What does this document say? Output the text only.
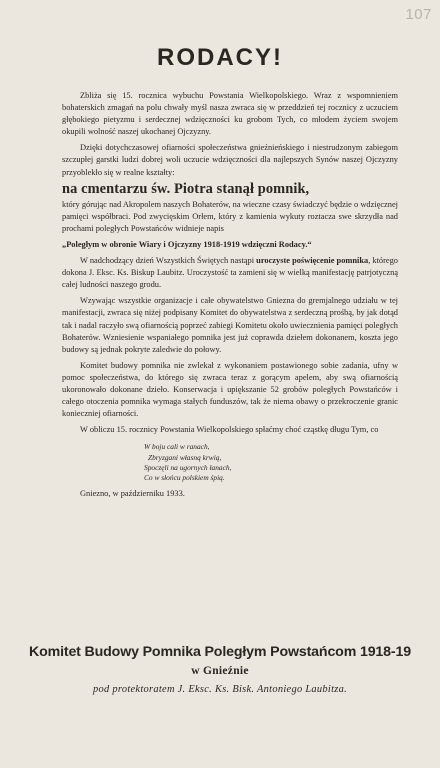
107
RODACY!

Zbliża się 15. rocznica wybuchu Powstania Wielkopolskiego. Wraz z wspomnieniem bohaterskich zmagań na polu chwały myśl nasza zwraca się w przeddzień tej rocznicy z uczuciem głębokiego pietyzmu i serdecznej wdzięczności ku grobom Tych, co młodem życiem swojem okupili wolność naszej ukochanej Ojczyzny.

Dzięki dotychczasowej ofiarności społeczeństwa gnieźnieńskiego i niestrudzonym zabiegom szczupłej garstki ludzi dobrej woli uczucie wdzięczności dla najlepszych Synów naszej Ojczyzny przyoblekło się w realne kształty:

na cmentarzu św. Piotra stanął pomnik,

który górując nad Akropolem naszych Bohaterów, na wieczne czasy świadczyć będzie o wdzięcznej pamięci współbraci. Pod zwycięskim Orłem, który z kamienia wykuty roztacza swe skrzydła nad prochami poległych Powstańców widnieje napis

„Poległym w obronie Wiary i Ojczyzny 1918-1919 wdzięczni Rodacy.“

W nadchodzący dzień Wszystkich Świętych nastąpi uroczyste poświęcenie pomnika, którego dokona J. Eksc. Ks. Biskup Laubitz. Uroczystość ta zamieni się w wielką manifestację patrjotyczną całej ludności naszego grodu.

Wzywając wszystkie organizacje i całe obywatelstwo Gniezna do gremjalnego udziału w tej manifestacji, zwraca się niżej podpisany Komitet do obywatelstwa z serdeczną prośbą, by jak dotąd tak i nadal raczyło swą ofiarnością poprzeć zabiegi Komitetu około uwiecznienia pamięci poległych Bohaterów. Wzniesienie wspaniałego pomnika jest już coprawda dziełem dokonanem, koszta jego budowy są jednak pokryte zaledwie do połowy.

Komitet budowy pomnika nie zwlekał z wykonaniem postawionego sobie zadania, ufny w pomoc społeczeństwa, do którego się zwraca teraz z gorącym apelem, aby swą ofiarnością ukoronowało dokonane dzieło. Konserwacja i upiększanie 52 grobów poległych Powstańców i całego otoczenia pomnika wymaga stałych funduszów, tak że niema obawy o przekroczenie granic konieczniej ofiarności.

W obliczu 15. rocznicy Powstania Wielkopolskiego spłaćmy choć cząstkę długu Tym, co

W boju cali w ranach,
Zbryzgani własną krwią,
Spoczęli na ugornych łanach,
Co w słońcu polskiem śpią.

Gniezno, w październiku 1933.

Komitet Budowy Pomnika Poległym Powstańcom 1918-19
w Gnieźnie
pod protektoratem J. Eksc. Ks. Bisk. Antoniego Laubitza.
